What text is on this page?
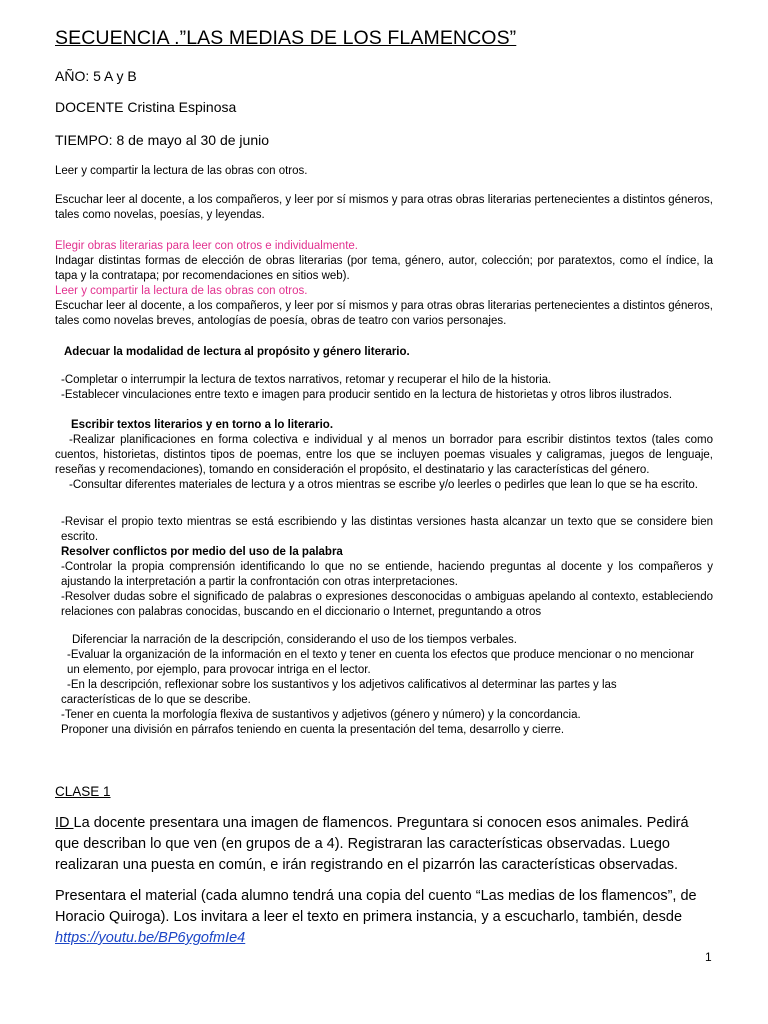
SECUENCIA .”LAS MEDIAS DE LOS FLAMENCOS”

AÑO: 5 A y B

DOCENTE Cristina Espinosa

TIEMPO: 8 de mayo al 30 de junio

Leer y compartir la lectura de las obras con otros.

Escuchar leer al docente, a los compañeros, y leer por sí mismos y para otras obras literarias pertenecientes a distintos géneros, tales como novelas, poesías, y leyendas.

Elegir obras literarias para leer con otros e individualmente.

Indagar distintas formas de elección de obras literarias (por tema, género, autor, colección; por paratextos, como el índice, la tapa y la contratapa; por recomendaciones en sitios web).

Leer y compartir la lectura de las obras con otros.

Escuchar leer al docente, a los compañeros, y leer por sí mismos y para otras obras literarias pertenecientes a distintos géneros, tales como novelas breves, antologías de poesía, obras de teatro con varios personajes.

Adecuar la modalidad de lectura al propósito y género literario.

-Completar o interrumpir la lectura de textos narrativos, retomar y recuperar el hilo de la historia.

-Establecer vinculaciones entre texto e imagen para producir sentido en la lectura de historietas y otros libros ilustrados.

Escribir textos literarios y en torno a lo literario.

-Realizar planificaciones en forma colectiva e individual y al menos un borrador para escribir distintos textos (tales como cuentos, historietas, distintos tipos de poemas, entre los que se incluyen poemas visuales y caligramas, juegos de lenguaje, reseñas y recomendaciones), tomando en consideración el propósito, el destinatario y las características del género.

-Consultar diferentes materiales de lectura y a otros mientras se escribe y/o leerles o pedirles que lean lo que se ha escrito.

-Revisar el propio texto mientras se está escribiendo y las distintas versiones hasta alcanzar un texto que se considere bien escrito.

Resolver conflictos por medio del uso de la palabra

-Controlar la propia comprensión identificando lo que no se entiende, haciendo preguntas al docente y los compañeros y ajustando la interpretación a partir la confrontación con otras interpretaciones.

-Resolver dudas sobre el significado de palabras o expresiones desconocidas o ambiguas apelando al contexto, estableciendo relaciones con palabras conocidas, buscando en el diccionario o Internet, preguntando a otros

Diferenciar la narración de la descripción, considerando el uso de los tiempos verbales.

-Evaluar la organización de la información en el texto y tener en cuenta los efectos que produce mencionar o no mencionar

un elemento, por ejemplo, para provocar intriga en el lector.

-En la descripción, reflexionar sobre los sustantivos y los adjetivos calificativos al determinar las partes y las

características de lo que se describe.

-Tener en cuenta la morfología flexiva de sustantivos y adjetivos (género y número) y la concordancia.

Proponer una división en párrafos teniendo en cuenta la presentación del tema, desarrollo y cierre.

CLASE 1

ID La docente presentara una imagen de flamencos. Preguntara si conocen esos animales. Pedirá que describan lo que ven (en grupos de a 4). Registraran las características observadas. Luego realizaran una puesta en común, e irán registrando en el pizarrón las características observadas.

Presentara el material (cada alumno tendrá una copia del cuento “Las medias de los flamencos”, de Horacio Quiroga). Los invitara a leer el texto en primera instancia, y a escucharlo, también, desde
https://youtu.be/BP6ygofmIe4

1
